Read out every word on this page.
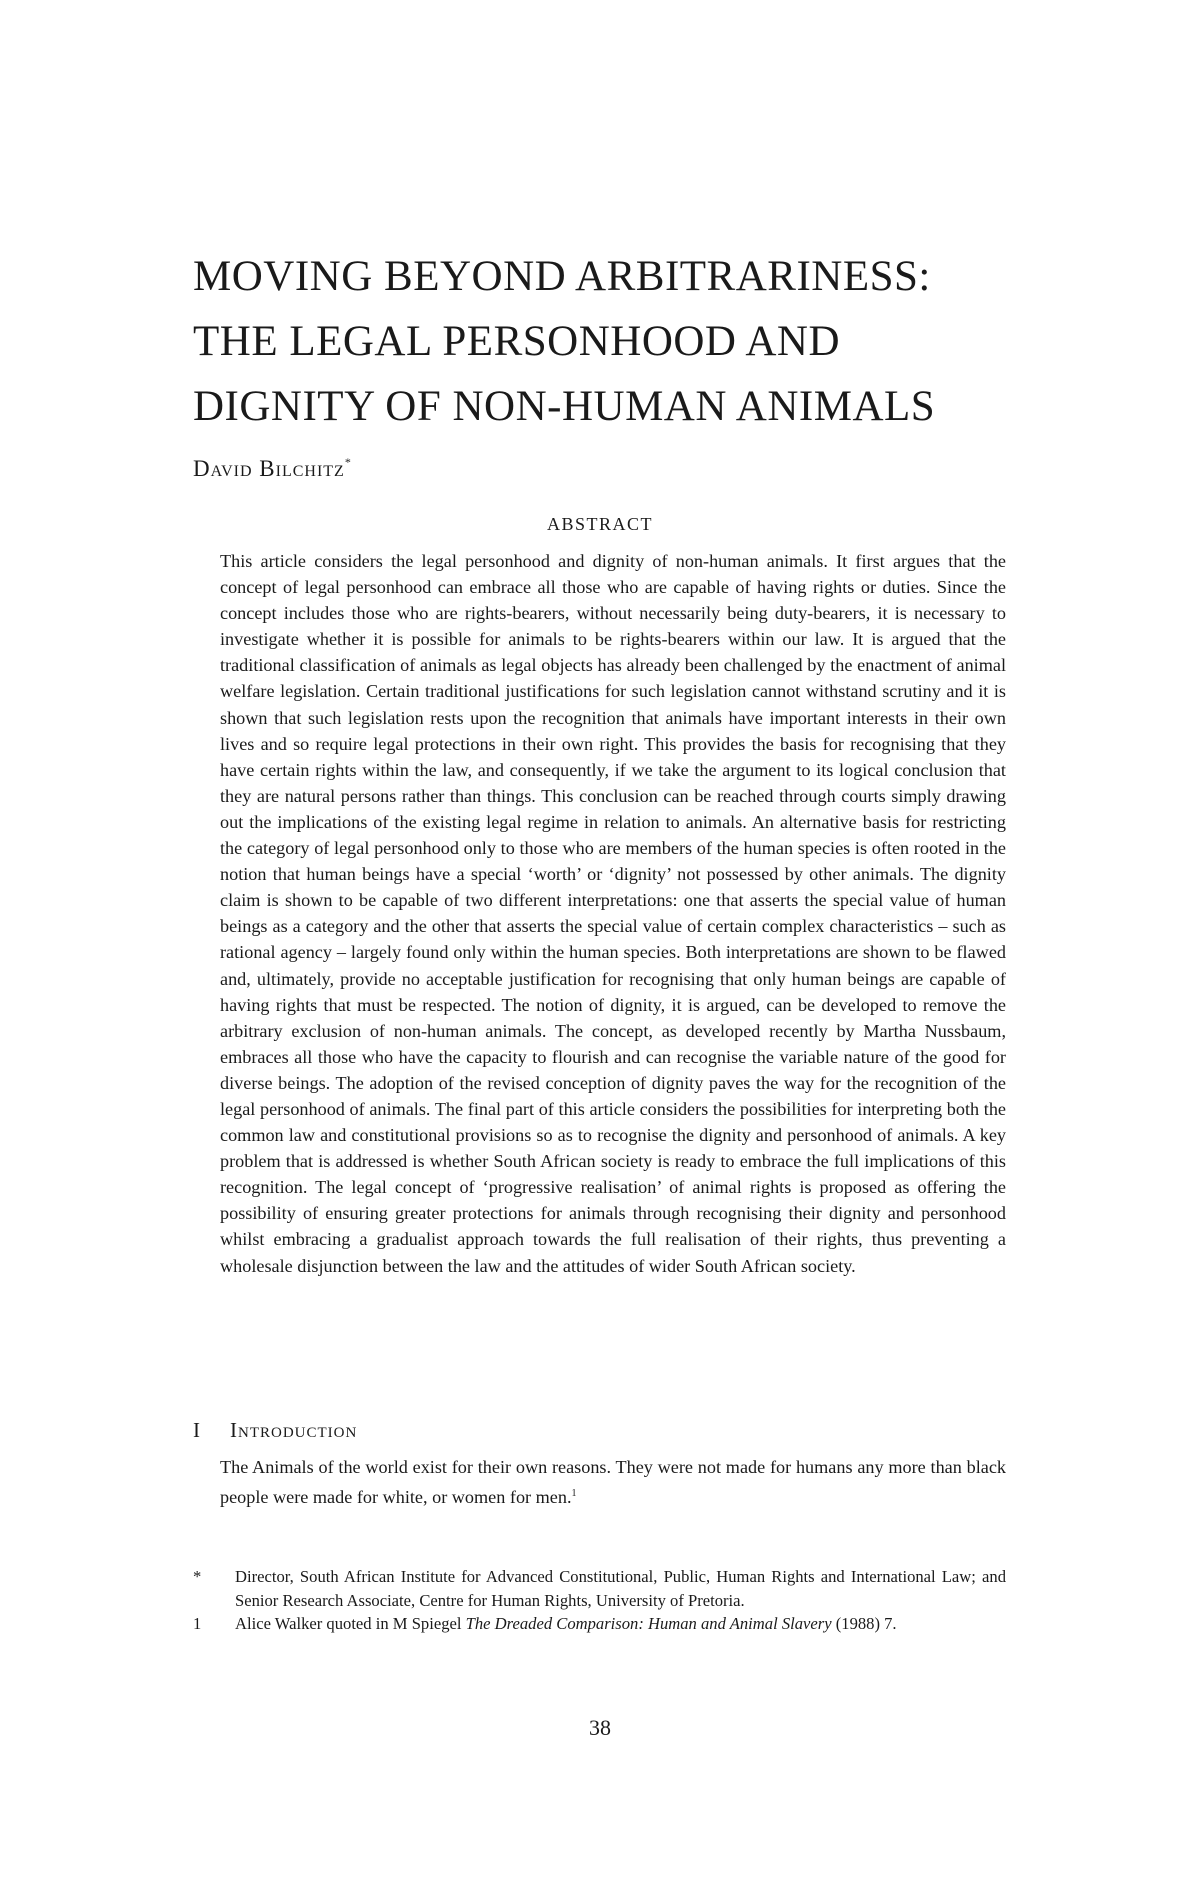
MOVING BEYOND ARBITRARINESS:
THE LEGAL PERSONHOOD AND
DIGNITY OF NON-HUMAN ANIMALS
David Bilchitz*
ABSTRACT

This article considers the legal personhood and dignity of non-human animals. It first argues that the concept of legal personhood can embrace all those who are capable of having rights or duties. Since the concept includes those who are rights-bearers, without necessarily being duty-bearers, it is necessary to investigate whether it is possible for animals to be rights-bearers within our law. It is argued that the traditional classification of animals as legal objects has already been challenged by the enactment of animal welfare legislation. Certain traditional justifications for such legislation cannot withstand scrutiny and it is shown that such legislation rests upon the recognition that animals have important interests in their own lives and so require legal protections in their own right. This provides the basis for recognising that they have certain rights within the law, and consequently, if we take the argument to its logical conclusion that they are natural persons rather than things. This conclusion can be reached through courts simply drawing out the implications of the existing legal regime in relation to animals. An alternative basis for restricting the category of legal personhood only to those who are members of the human species is often rooted in the notion that human beings have a special ‘worth’ or ‘dignity’ not possessed by other animals. The dignity claim is shown to be capable of two different interpretations: one that asserts the special value of human beings as a category and the other that asserts the special value of certain complex characteristics – such as rational agency – largely found only within the human species. Both interpretations are shown to be flawed and, ultimately, provide no acceptable justification for recognising that only human beings are capable of having rights that must be respected. The notion of dignity, it is argued, can be developed to remove the arbitrary exclusion of non-human animals. The concept, as developed recently by Martha Nussbaum, embraces all those who have the capacity to flourish and can recognise the variable nature of the good for diverse beings. The adoption of the revised conception of dignity paves the way for the recognition of the legal personhood of animals. The final part of this article considers the possibilities for interpreting both the common law and constitutional provisions so as to recognise the dignity and personhood of animals. A key problem that is addressed is whether South African society is ready to embrace the full implications of this recognition. The legal concept of ‘progressive realisation’ of animal rights is proposed as offering the possibility of ensuring greater protections for animals through recognising their dignity and personhood whilst embracing a gradualist approach towards the full realisation of their rights, thus preventing a wholesale disjunction between the law and the attitudes of wider South African society.

I Introduction

The Animals of the world exist for their own reasons. They were not made for humans any more than black people were made for white, or women for men.$^1$

*	Director, South African Institute for Advanced Constitutional, Public, Human Rights and International Law; and Senior Research Associate, Centre for Human Rights, University of Pretoria.
1	Alice Walker quoted in M Spiegel The Dreaded Comparison: Human and Animal Slavery (1988) 7.
38
